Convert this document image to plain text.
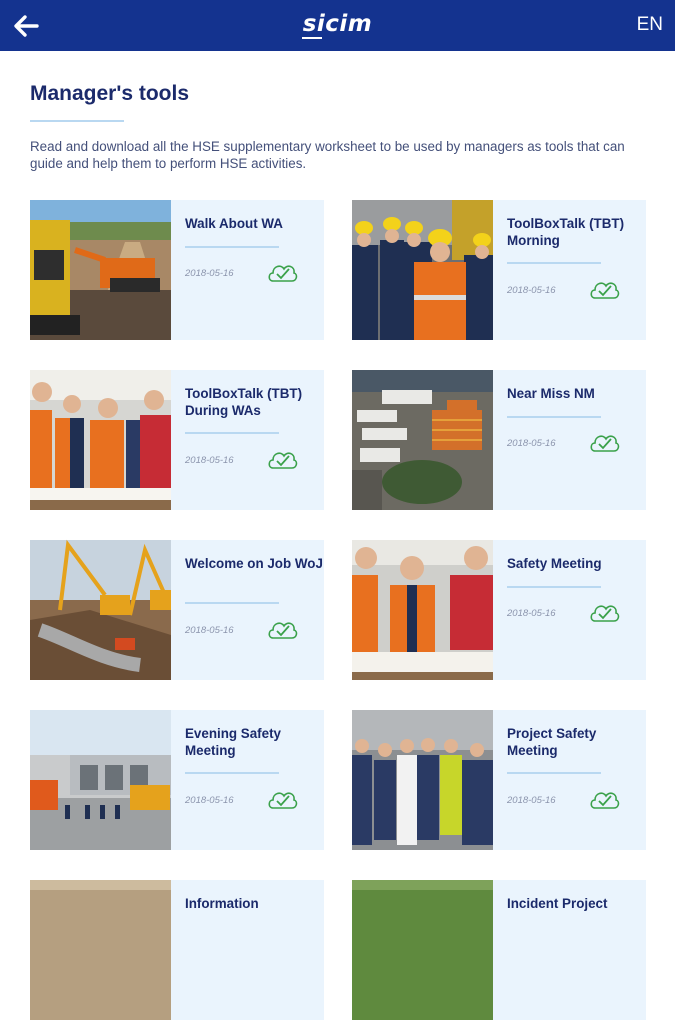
sicim	EN
Manager's tools
Read and download all the HSE supplementary worksheet to be used by managers as tools that can guide and help them to perform HSE activities.
Walk About WA
2018-05-16
ToolBoxTalk (TBT) Morning
2018-05-16
ToolBoxTalk (TBT) During WAs
2018-05-16
Near Miss NM
2018-05-16
Welcome on Job WoJ
2018-05-16
Safety Meeting
2018-05-16
Evening Safety Meeting
2018-05-16
Project Safety Meeting
2018-05-16
Information	Incident Project
